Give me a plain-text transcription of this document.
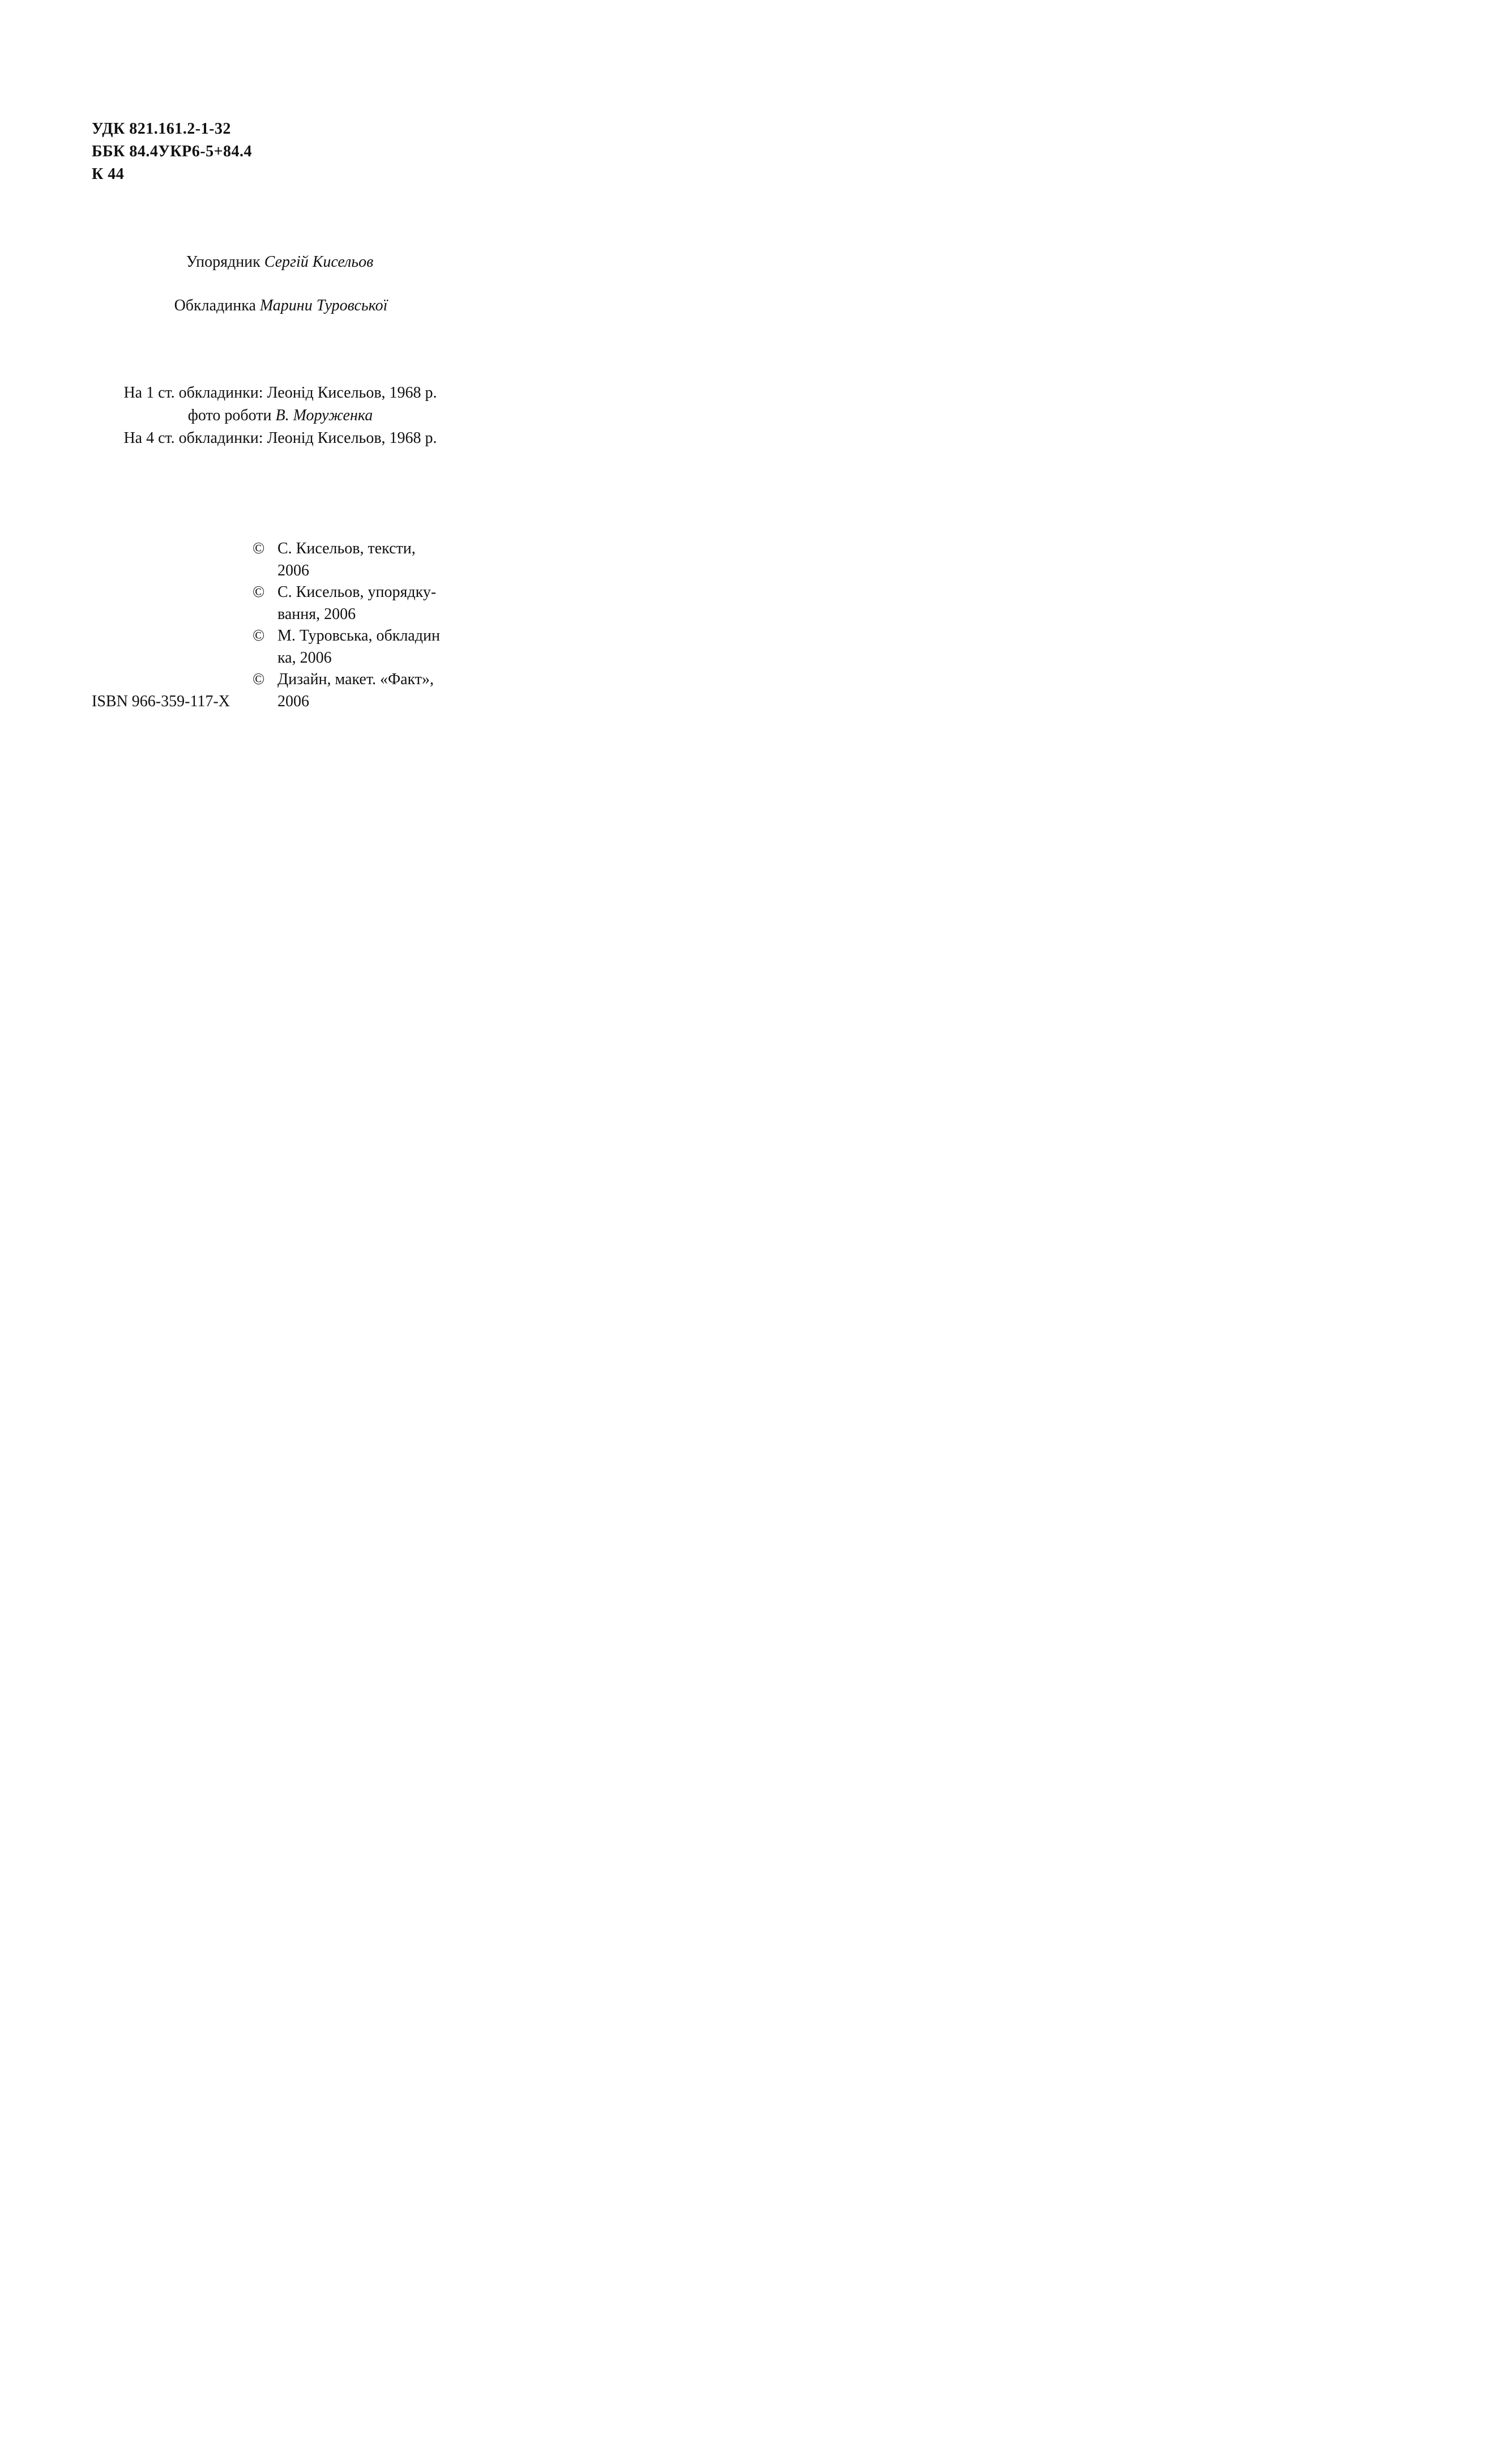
УДК 821.161.2-1-32
ББК 84.4УКР6-5+84.4
К 44
Упорядник Сергій Кисельов
Обкладинка Марини Туровської
На 1 ст. обкладинки: Леонід Кисельов, 1968 р.
фото роботи В. Моруженка
На 4 ст. обкладинки: Леонід Кисельов, 1968 р.
© С. Кисельов, тексти,
2006
© С. Кисельов, упорядку-
вання, 2006
© М. Туровська, обкладин
ка, 2006
© Дизайн, макет. «Факт»,
2006
ISBN 966-359-117-X
